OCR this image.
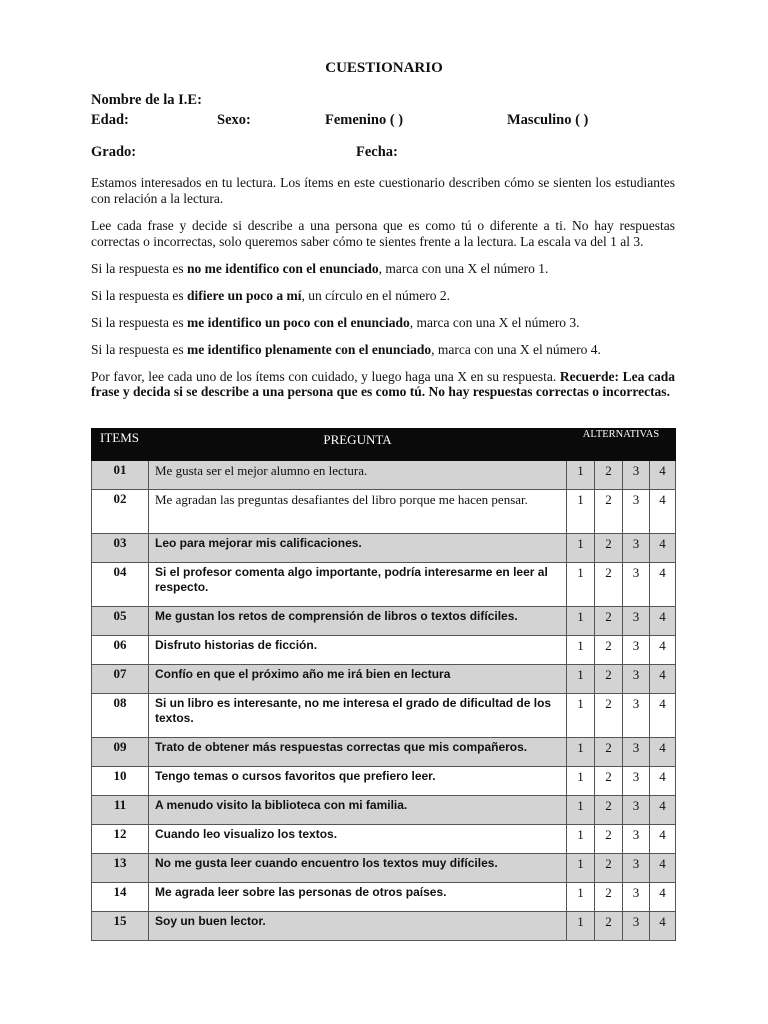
CUESTIONARIO
Nombre de la I.E:
Edad:	Sexo:	Femenino ( )	Masculino ( )
Grado:	Fecha:
Estamos interesados en tu lectura. Los ítems en este cuestionario describen cómo se sienten los estudiantes con relación a la lectura.
Lee cada frase y decide si describe a una persona que es como tú o diferente a ti. No hay respuestas correctas o incorrectas, solo queremos saber cómo te sientes frente a la lectura. La escala va del 1 al 3.
Si la respuesta es no me identifico con el enunciado, marca con una X el número 1.
Si la respuesta es difiere un poco a mí, un círculo en el número 2.
Si la respuesta es me identifico un poco con el enunciado, marca con una X el número 3.
Si la respuesta es me identifico plenamente con el enunciado, marca con una X el número 4.
Por favor, lee cada uno de los ítems con cuidado, y luego haga una X en su respuesta. Recuerde: Lea cada frase y decida si se describe a una persona que es como tú. No hay respuestas correctas o incorrectas.
ITEMS	PREGUNTA	ALTERNATIVAS			
01	Me gusta ser el mejor alumno en lectura.	1	2	3	4
02	Me agradan las preguntas desafiantes del libro porque me hacen pensar.	1	2	3	4
03	Leo para mejorar mis calificaciones.	1	2	3	4
04	Si el profesor comenta algo importante, podría interesarme en leer al respecto.	1	2	3	4
05	Me gustan los retos de comprensión de libros o textos difíciles.	1	2	3	4
06	Disfruto historias de ficción.	1	2	3	4
07	Confío en que el próximo año me irá bien en lectura	1	2	3	4
08	Si un libro es interesante, no me interesa el grado de dificultad de los textos.	1	2	3	4
09	Trato de obtener más respuestas correctas que mis compañeros.	1	2	3	4
10	Tengo temas o cursos favoritos que prefiero leer.	1	2	3	4
11	A menudo visito la biblioteca con mi familia.	1	2	3	4
12	Cuando leo visualizo los textos.	1	2	3	4
13	No me gusta leer cuando encuentro los textos muy difíciles.	1	2	3	4
14	Me agrada leer sobre las personas de otros países.	1	2	3	4
15	Soy un buen lector.	1	2	3	4
